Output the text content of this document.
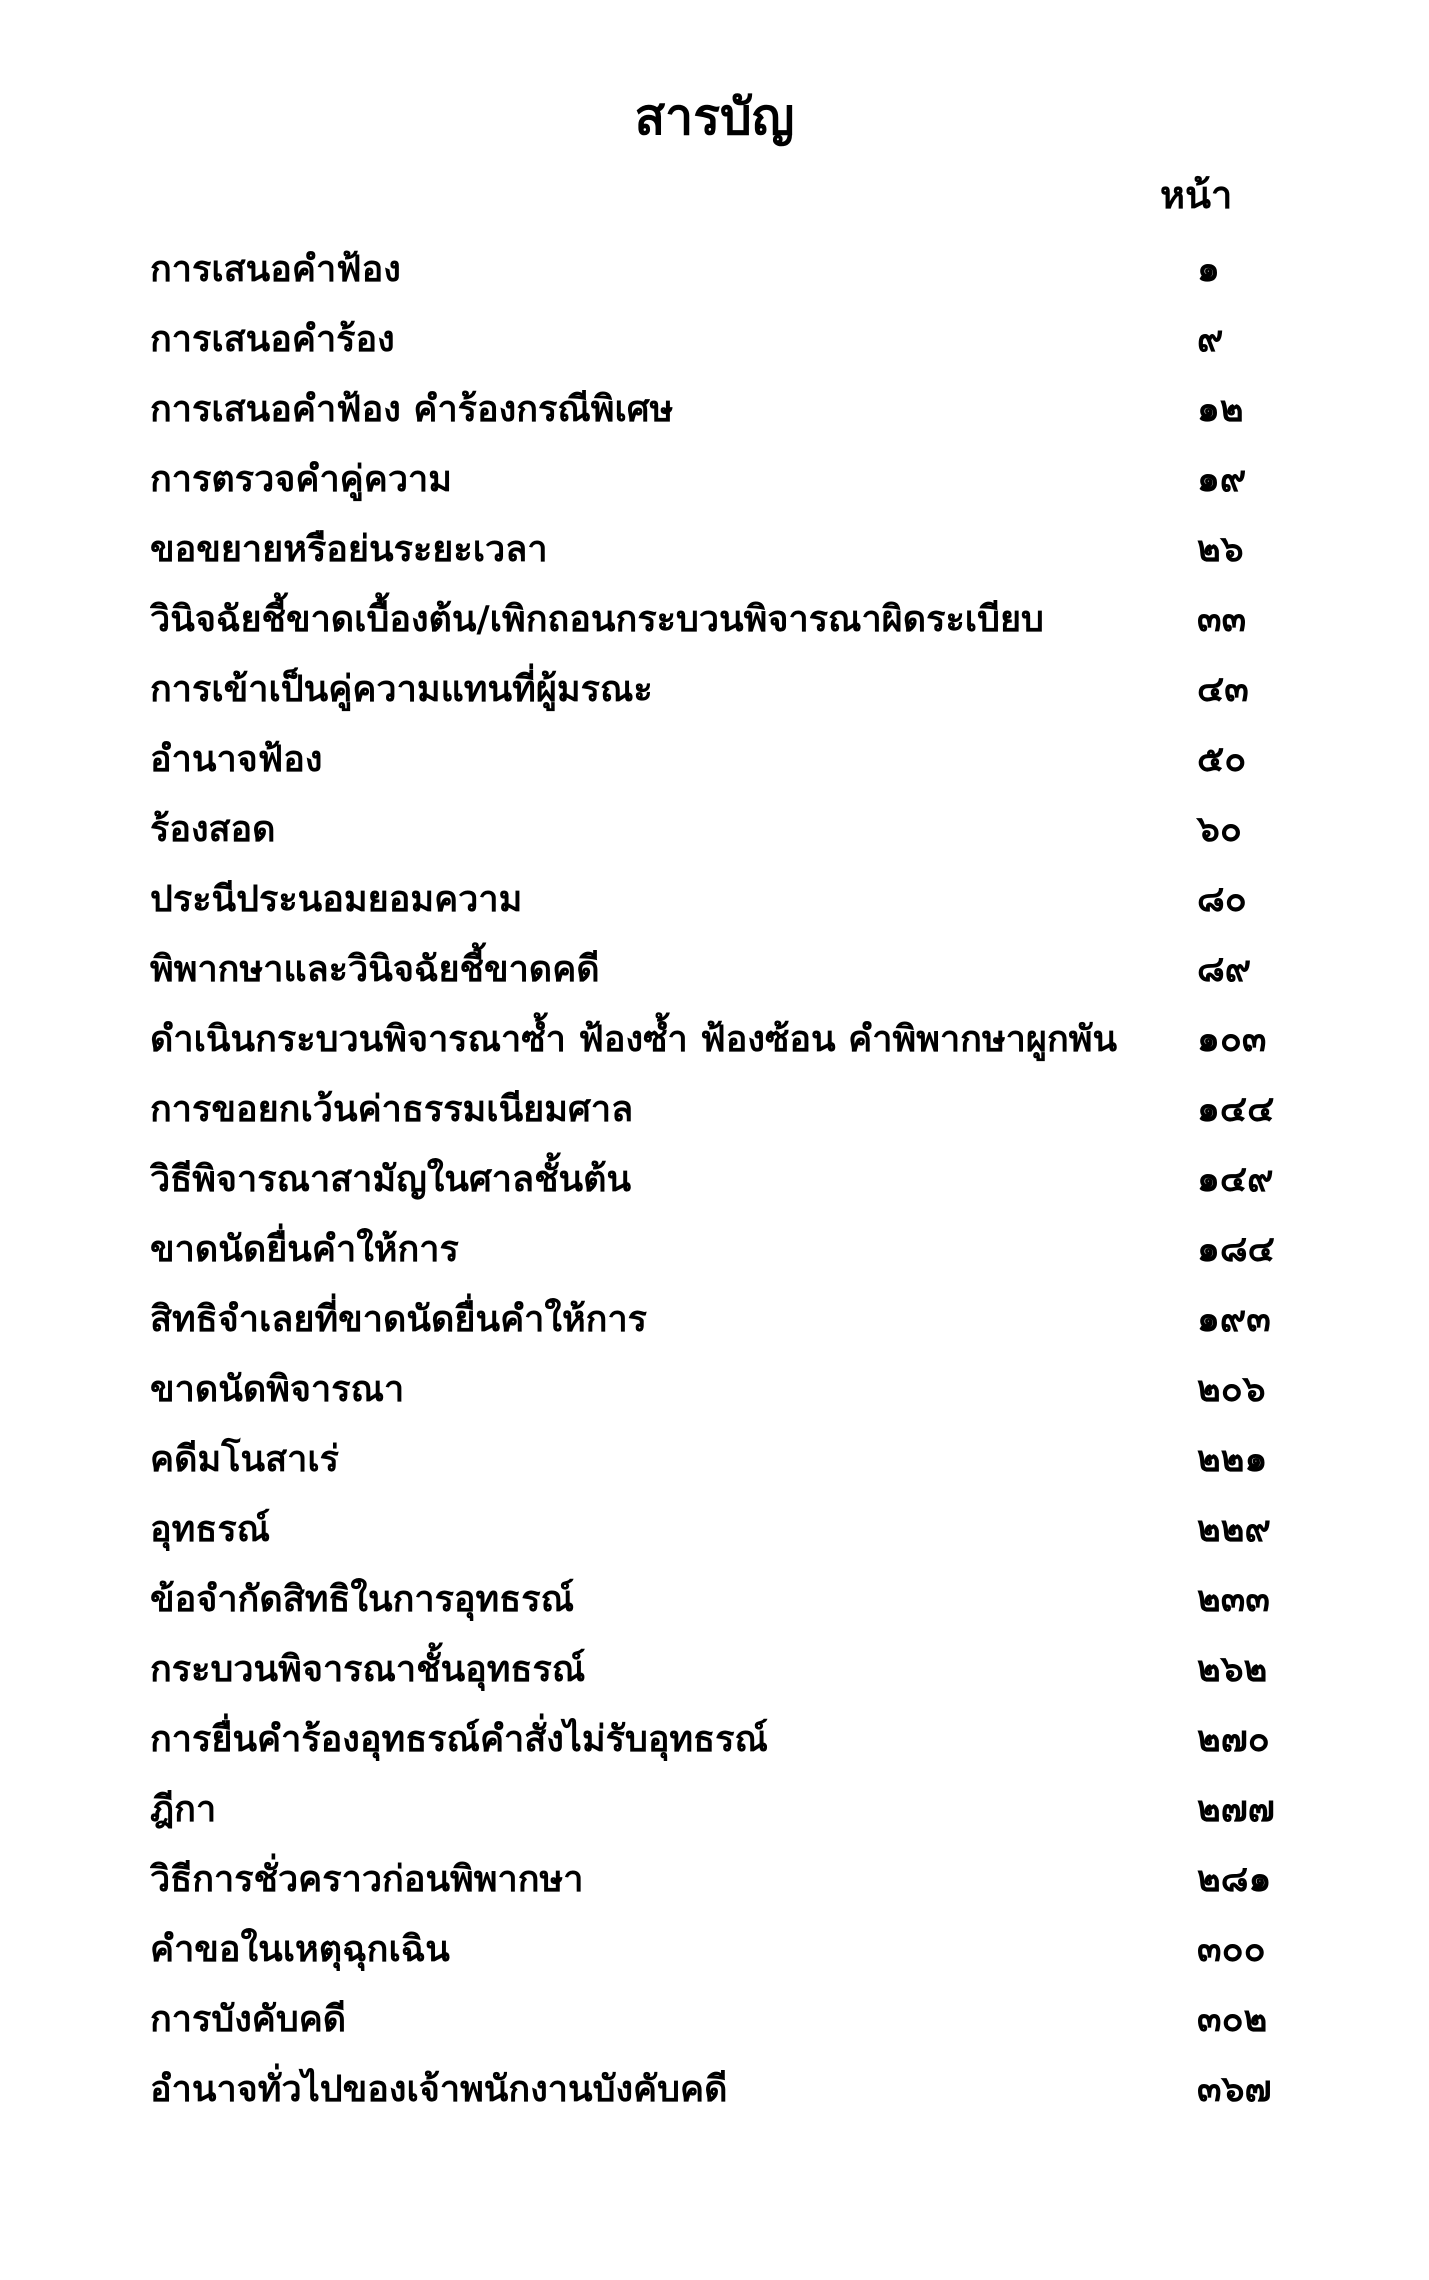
สารบัญ
หน้า
การเสนอคำฟ้อง	๑
การเสนอคำร้อง	๙
การเสนอคำฟ้อง คำร้องกรณีพิเศษ	๑๒
การตรวจคำคู่ความ	๑๙
ขอขยายหรือย่นระยะเวลา	๒๖
วินิจฉัยชี้ขาดเบื้องต้น/เพิกถอนกระบวนพิจารณาผิดระเบียบ	๓๓
การเข้าเป็นคู่ความแทนที่ผู้มรณะ	๔๓
อำนาจฟ้อง	๕๐
ร้องสอด	๖๐
ประนีประนอมยอมความ	๘๐
พิพากษาและวินิจฉัยชี้ขาดคดี	๘๙
ดำเนินกระบวนพิจารณาซ้ำ ฟ้องซ้ำ ฟ้องซ้อน คำพิพากษาผูกพัน	๑๐๓
การขอยกเว้นค่าธรรมเนียมศาล	๑๔๔
วิธีพิจารณาสามัญในศาลชั้นต้น	๑๔๙
ขาดนัดยื่นคำให้การ	๑๘๔
สิทธิจำเลยที่ขาดนัดยื่นคำให้การ	๑๙๓
ขาดนัดพิจารณา	๒๐๖
คดีมโนสาเร่	๒๒๑
อุทธรณ์	๒๒๙
ข้อจำกัดสิทธิในการอุทธรณ์	๒๓๓
กระบวนพิจารณาชั้นอุทธรณ์	๒๖๒
การยื่นคำร้องอุทธรณ์คำสั่งไม่รับอุทธรณ์	๒๗๐
ฎีกา	๒๗๗
วิธีการชั่วคราวก่อนพิพากษา	๒๘๑
คำขอในเหตุฉุกเฉิน	๓๐๐
การบังคับคดี	๓๐๒
อำนาจทั่วไปของเจ้าพนักงานบังคับคดี	๓๖๗
